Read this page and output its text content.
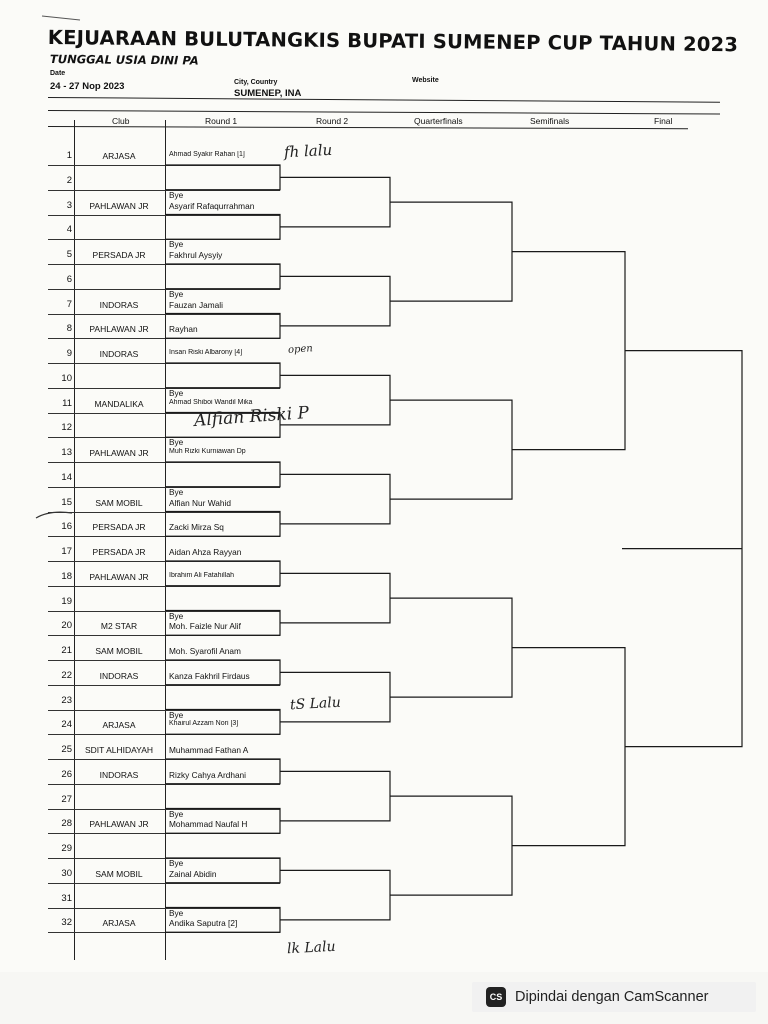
KEJUARAAN BULUTANGKIS BUPATI SUMENEP CUP TAHUN 2023
TUNGGAL USIA DINI PA
Date
24 - 27 Nop 2023	City, Country
SUMENEP, INA
Website
Club	Round 1	Round 2	Quarterfinals	Semifinals	Final
1	ARJASA	Ahmad Syakir Rahan [1]
2
Bye
3	PAHLAWAN JR	Asyarif Rafaqurrahman
4
Bye
5	PERSADA JR	Fakhrul Aysyiy
6
Bye
7	INDORAS	Fauzan Jamali
8	PAHLAWAN JR	Rayhan
9	INDORAS	Insan Riski Albarony [4]
10
Bye
11	MANDALIKA	Ahmad Shiboi Wandil Mika
12
Bye
13	PAHLAWAN JR	Muh Rizki Kurniawan Dp
14
Bye
15	SAM MOBIL	Alfian Nur Wahid
16	PERSADA JR	Zacki Mirza Sq
17	PERSADA JR	Aidan Ahza Rayyan
18	PAHLAWAN JR	Ibrahim Ali Fatahillah
19
Bye
20	M2 STAR	Moh. Faizle Nur Alif
21	SAM MOBIL	Moh. Syarofil Anam
22	INDORAS	Kanza Fakhril Firdaus
23
Bye
24	ARJASA	Khairul Azzam Nori [3]
25	SDIT ALHIDAYAH	Muhammad Fathan A
26	INDORAS	Rizky Cahya Ardhani
27
Bye
28	PAHLAWAN JR	Mohammad Naufal H
29
Bye
30	SAM MOBIL	Zainal Abidin
31
Bye
32	ARJASA	Andika Saputra [2]
fh lalu
open
Alfian Riski P
tS Lalu
lk Lalu
CS Dipindai dengan CamScanner
